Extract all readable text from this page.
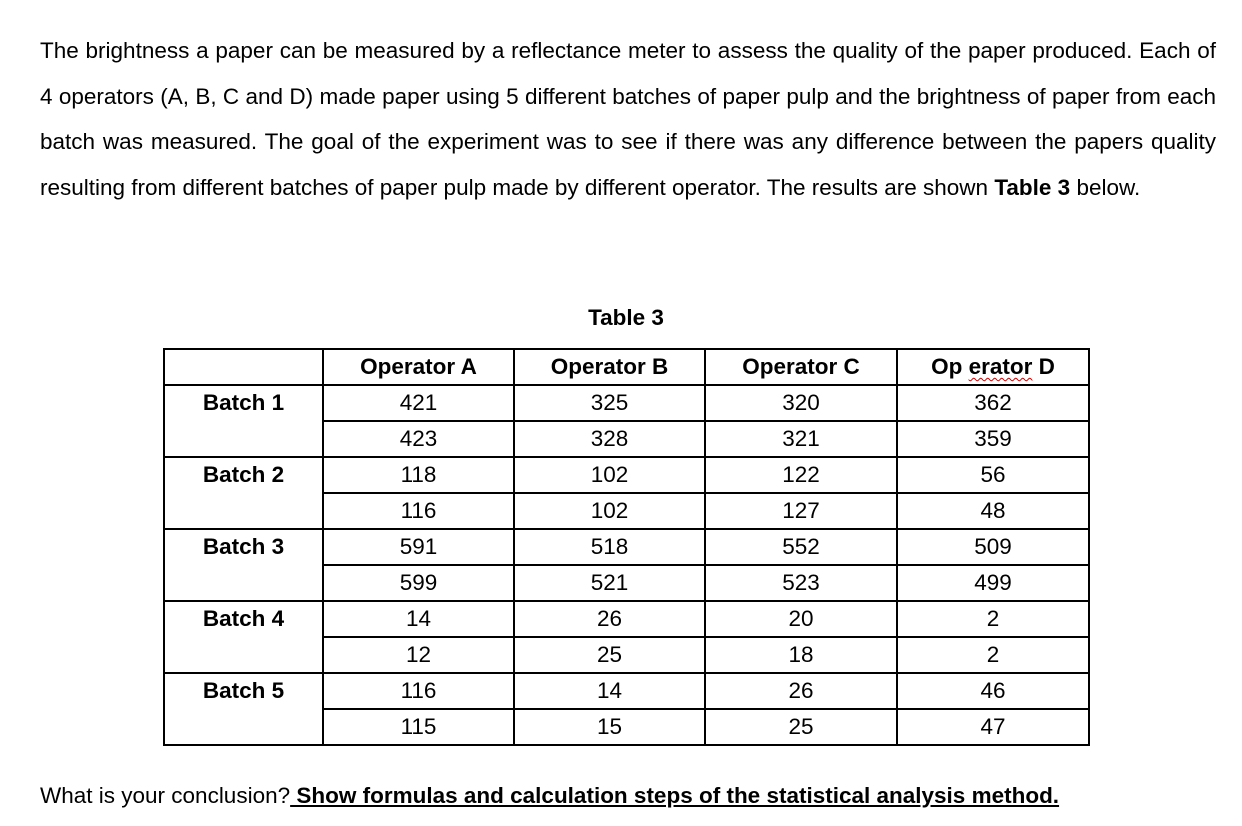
The brightness a paper can be measured by a reflectance meter to assess the quality of the paper produced. Each of 4 operators (A, B, C and D) made paper using 5 different batches of paper pulp and the brightness of paper from each batch was measured. The goal of the experiment was to see if there was any difference between the papers quality resulting from different batches of paper pulp made by different operator. The results are shown Table 3 below.

Table 3

	Operator A	Operator B	Operator C	Op erator D
Batch 1	421	325	320	362
	423	328	321	359
Batch 2	118	102	122	56
	116	102	127	48
Batch 3	591	518	552	509
	599	521	523	499
Batch 4	14	26	20	2
	12	25	18	2
Batch 5	116	14	26	46
	115	15	25	47

What is your conclusion? Show formulas and calculation steps of the statistical analysis method.
